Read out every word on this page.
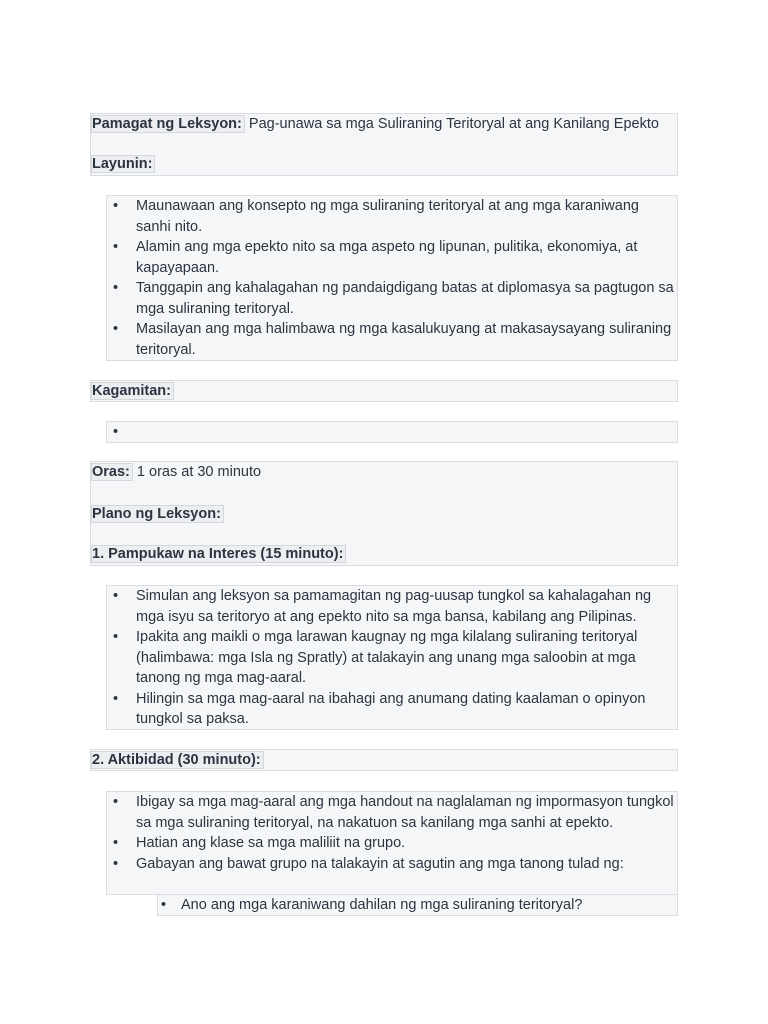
Pamagat ng Leksyon: Pag-unawa sa mga Suliraning Teritoryal at ang Kanilang Epekto
Layunin:
• Maunawaan ang konsepto ng mga suliraning teritoryal at ang mga karaniwang sanhi nito.
• Alamin ang mga epekto nito sa mga aspeto ng lipunan, pulitika, ekonomiya, at kapayapaan.
• Tanggapin ang kahalagahan ng pandaigdigang batas at diplomasya sa pagtugon sa mga suliraning teritoryal.
• Masilayan ang mga halimbawa ng mga kasalukuyang at makasaysayang suliraning teritoryal.
Kagamitan:
•
Oras: 1 oras at 30 minuto
Plano ng Leksyon:
1. Pampukaw na Interes (15 minuto):
• Simulan ang leksyon sa pamamagitan ng pag-uusap tungkol sa kahalagahan ng mga isyu sa teritoryo at ang epekto nito sa mga bansa, kabilang ang Pilipinas.
• Ipakita ang maikli o mga larawan kaugnay ng mga kilalang suliraning teritoryal (halimbawa: mga Isla ng Spratly) at talakayin ang unang mga saloobin at mga tanong ng mga mag-aaral.
• Hilingin sa mga mag-aaral na ibahagi ang anumang dating kaalaman o opinyon tungkol sa paksa.
2. Aktibidad (30 minuto):
• Ibigay sa mga mag-aaral ang mga handout na naglalaman ng impormasyon tungkol sa mga suliraning teritoryal, na nakatuon sa kanilang mga sanhi at epekto.
• Hatian ang klase sa mga maliliit na grupo.
• Gabayan ang bawat grupo na talakayin at sagutin ang mga tanong tulad ng:
• Ano ang mga karaniwang dahilan ng mga suliraning teritoryal?
